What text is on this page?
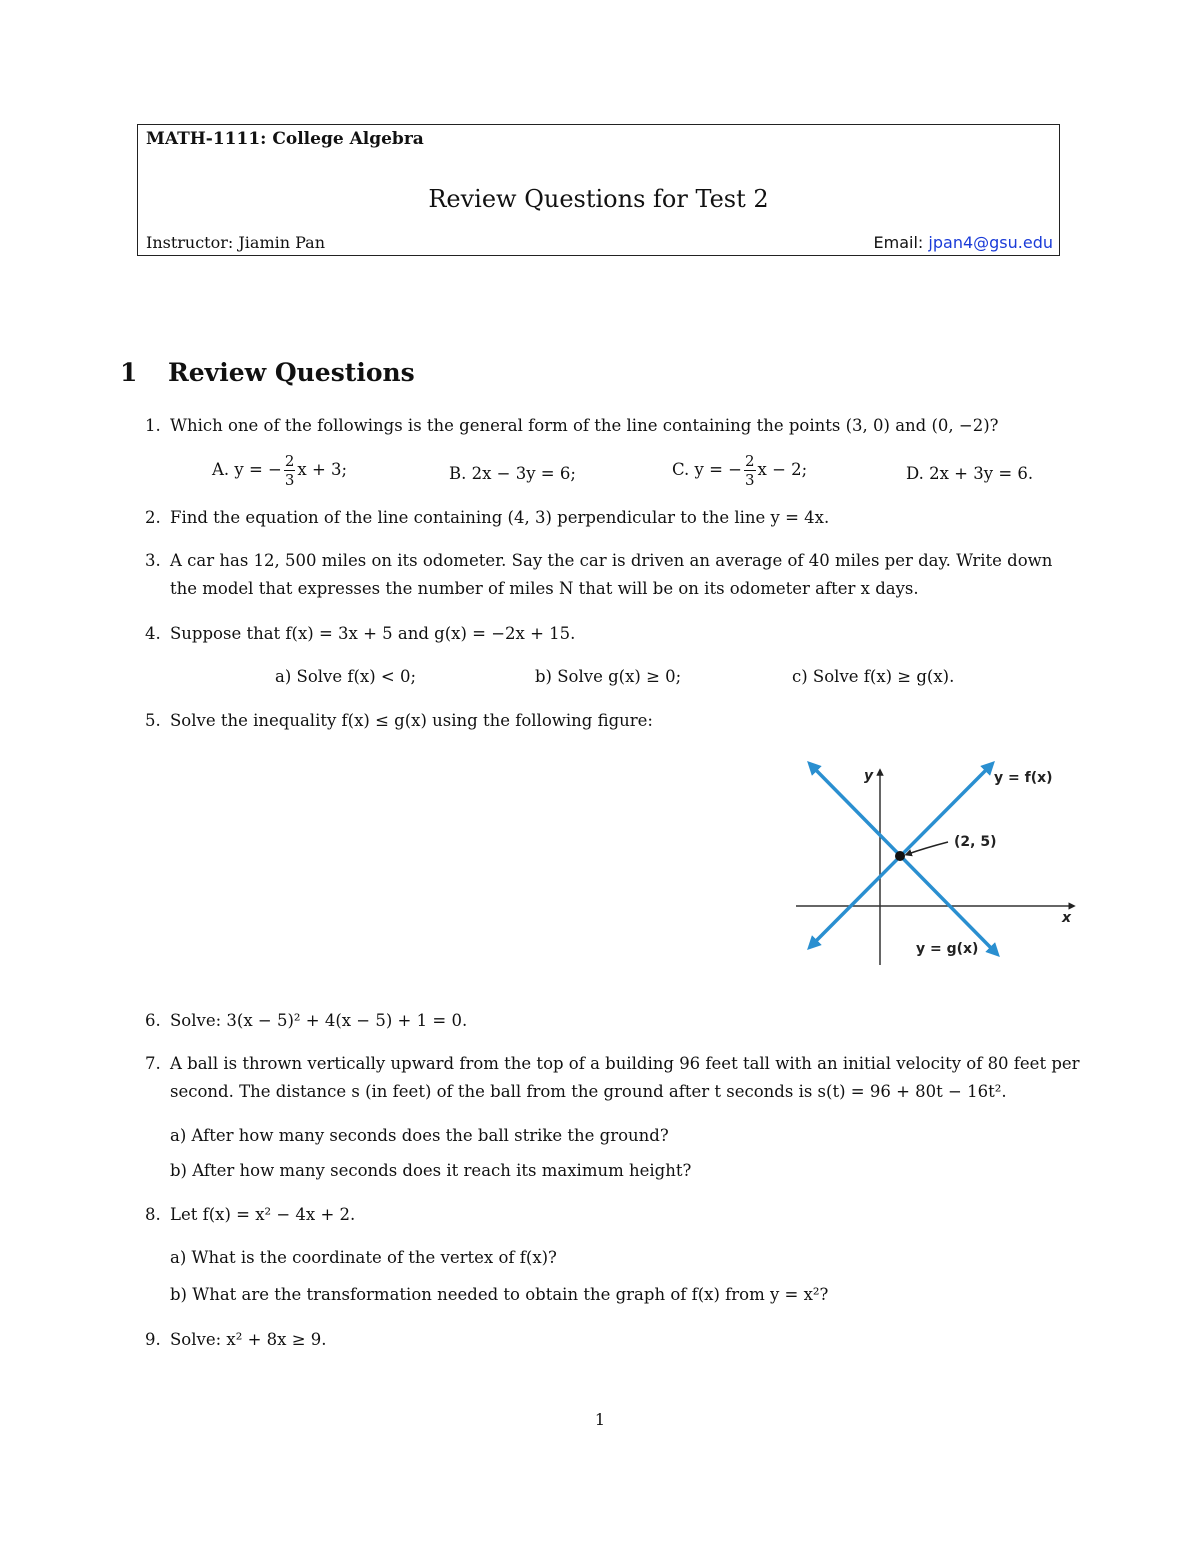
MATH-1111: College Algebra
Review Questions for Test 2
Instructor: Jiamin Pan	Email: jpan4@gsu.edu
1 Review Questions
1. Which one of the followings is the general form of the line containing the points (3, 0) and (0, −2)?
A. y = − $\frac{2}{3}$ x + 3;	B. 2x − 3y = 6;	C. y = − $\frac{2}{3}$ x − 2;	D. 2x + 3y = 6.
2. Find the equation of the line containing (4, 3) perpendicular to the line y = 4x.
3. A car has 12, 500 miles on its odometer. Say the car is driven an average of 40 miles per day. Write down the model that expresses the number of miles N that will be on its odometer after x days.
4. Suppose that f(x) = 3x + 5 and g(x) = −2x + 15.
a) Solve f(x) < 0;	b) Solve g(x) ≥ 0;	c) Solve f(x) ≥ g(x).
5. Solve the inequality f(x) ≤ g(x) using the following figure:
y
x
y = f(x)
(2, 5)
y = g(x)
6. Solve: 3(x − 5)² + 4(x − 5) + 1 = 0.
7. A ball is thrown vertically upward from the top of a building 96 feet tall with an initial velocity of 80 feet per second. The distance s (in feet) of the ball from the ground after t seconds is s(t) = 96 + 80t − 16t².
a) After how many seconds does the ball strike the ground?
b) After how many seconds does it reach its maximum height?
8. Let f(x) = x² − 4x + 2.
a) What is the coordinate of the vertex of f(x)?
b) What are the transformation needed to obtain the graph of f(x) from y = x²?
9. Solve: x² + 8x ≥ 9.
1
